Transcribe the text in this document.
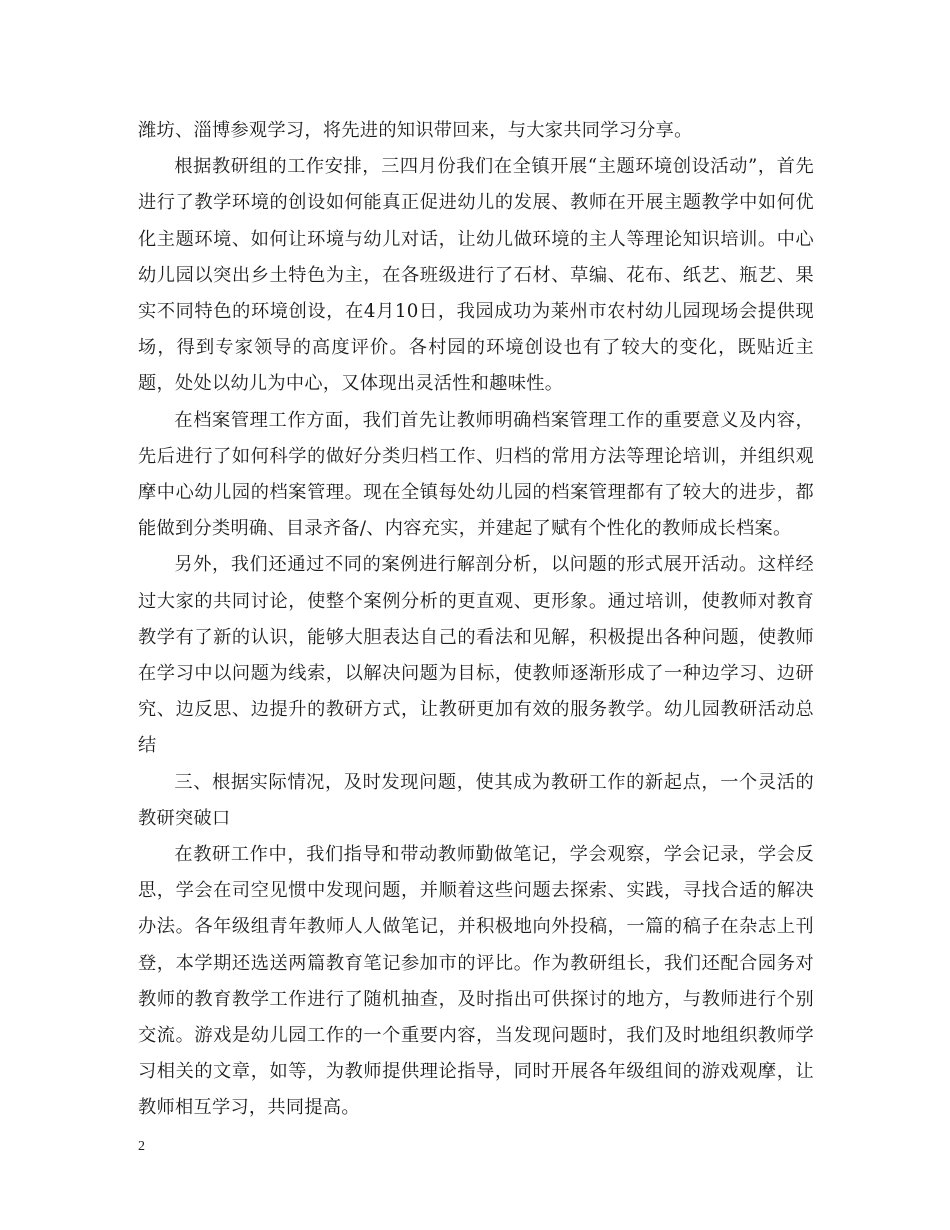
潍坊、淄博参观学习，将先进的知识带回来，与大家共同学习分享。

根据教研组的工作安排，三四月份我们在全镇开展“主题环境创设活动”，首先进行了教学环境的创设如何能真正促进幼儿的发展、教师在开展主题教学中如何优化主题环境、如何让环境与幼儿对话，让幼儿做环境的主人等理论知识培训。中心幼儿园以突出乡土特色为主，在各班级进行了石材、草编、花布、纸艺、瓶艺、果实不同特色的环境创设，在4月10日，我园成功为莱州市农村幼儿园现场会提供现场，得到专家领导的高度评价。各村园的环境创设也有了较大的变化，既贴近主题，处处以幼儿为中心，又体现出灵活性和趣味性。

在档案管理工作方面，我们首先让教师明确档案管理工作的重要意义及内容，先后进行了如何科学的做好分类归档工作、归档的常用方法等理论培训，并组织观摩中心幼儿园的档案管理。现在全镇每处幼儿园的档案管理都有了较大的进步，都能做到分类明确、目录齐备/、内容充实，并建起了赋有个性化的教师成长档案。

另外，我们还通过不同的案例进行解剖分析，以问题的形式展开活动。这样经过大家的共同讨论，使整个案例分析的更直观、更形象。通过培训，使教师对教育教学有了新的认识，能够大胆表达自己的看法和见解，积极提出各种问题，使教师在学习中以问题为线索，以解决问题为目标，使教师逐渐形成了一种边学习、边研究、边反思、边提升的教研方式，让教研更加有效的服务教学。幼儿园教研活动总结

三、根据实际情况，及时发现问题，使其成为教研工作的新起点，一个灵活的教研突破口

在教研工作中，我们指导和带动教师勤做笔记，学会观察，学会记录，学会反思，学会在司空见惯中发现问题，并顺着这些问题去探索、实践，寻找合适的解决办法。各年级组青年教师人人做笔记，并积极地向外投稿，一篇的稿子在杂志上刊登，本学期还选送两篇教育笔记参加市的评比。作为教研组长，我们还配合园务对教师的教育教学工作进行了随机抽查，及时指出可供探讨的地方，与教师进行个别交流。游戏是幼儿园工作的一个重要内容，当发现问题时，我们及时地组织教师学习相关的文章，如等，为教师提供理论指导，同时开展各年级组间的游戏观摩，让教师相互学习，共同提高。

2
